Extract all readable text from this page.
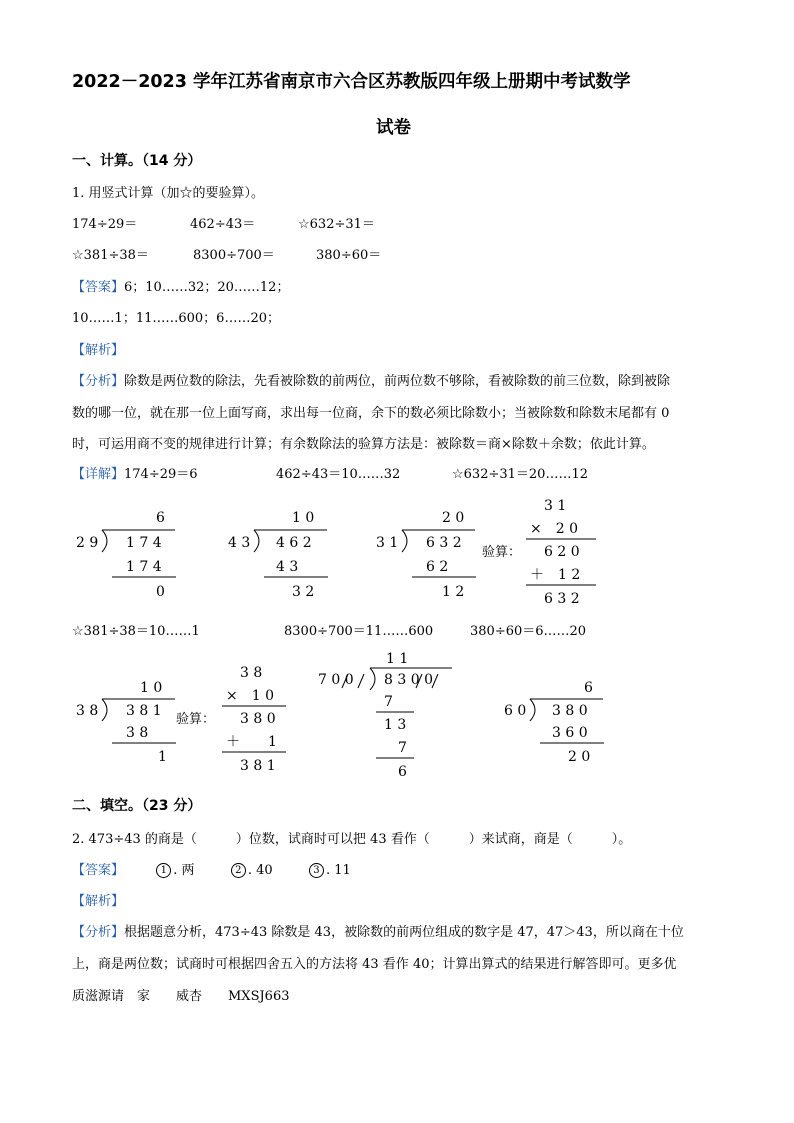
2022－2023 学年江苏省南京市六合区苏教版四年级上册期中考试数学
试卷
一、计算。（14 分）
1. 用竖式计算（加☆的要验算）。
174÷29＝	462÷43＝	☆632÷31＝
☆381÷38＝	8300÷700＝	380÷60＝
【答案】6；10……32；20……12；
10……1；11……600；6……20；
【解析】
【分析】除数是两位数的除法，先看被除数的前两位，前两位数不够除，看被除数的前三位数，除到被除
数的哪一位，就在那一位上面写商，求出每一位商，余下的数必须比除数小；当被除数和除数末尾都有 0
时，可运用商不变的规律进行计算；有余数除法的验算方法是：被除数＝商×除数＋余数；依此计算。
【详解】174÷29＝6	462÷43＝10……32	☆632÷31＝20……12
6
2 9 1 7 4
1 7 4
0
1 0
4 3 4 6 2
4 3
3 2
2 0
3 1 6 3 2
6 2
1 2
验算：
3 1
×　2 0
6 2 0
＋　1 2
6 3 2
☆381÷38＝10……1	8300÷700＝11……600	380÷60＝6……20
1 0
3 8 3 8 1
3 8
1
验算：
3 8
×　1 0
3 8 0
＋　　1
3 8 1
1 1
7 0 0 8 3 0 0
7
1 3
7
6
6
6 0 3 8 0
3 6 0
2 0
二、填空。（23 分）
2. 473÷43 的商是（　　　）位数，试商时可以把 43 看作（　　　）来试商，商是（　　　）。
【答案】	1 . 两	2 . 40	3 . 11
【解析】
【分析】根据题意分析，473÷43 除数是 43，被除数的前两位组成的数字是 47，47＞43，所以商在十位
上，商是两位数；试商时可根据四舍五入的方法将 43 看作 40；计算出算式的结果进行解答即可。更多优
质滋源请　家　　威杏　　MXSJ663
